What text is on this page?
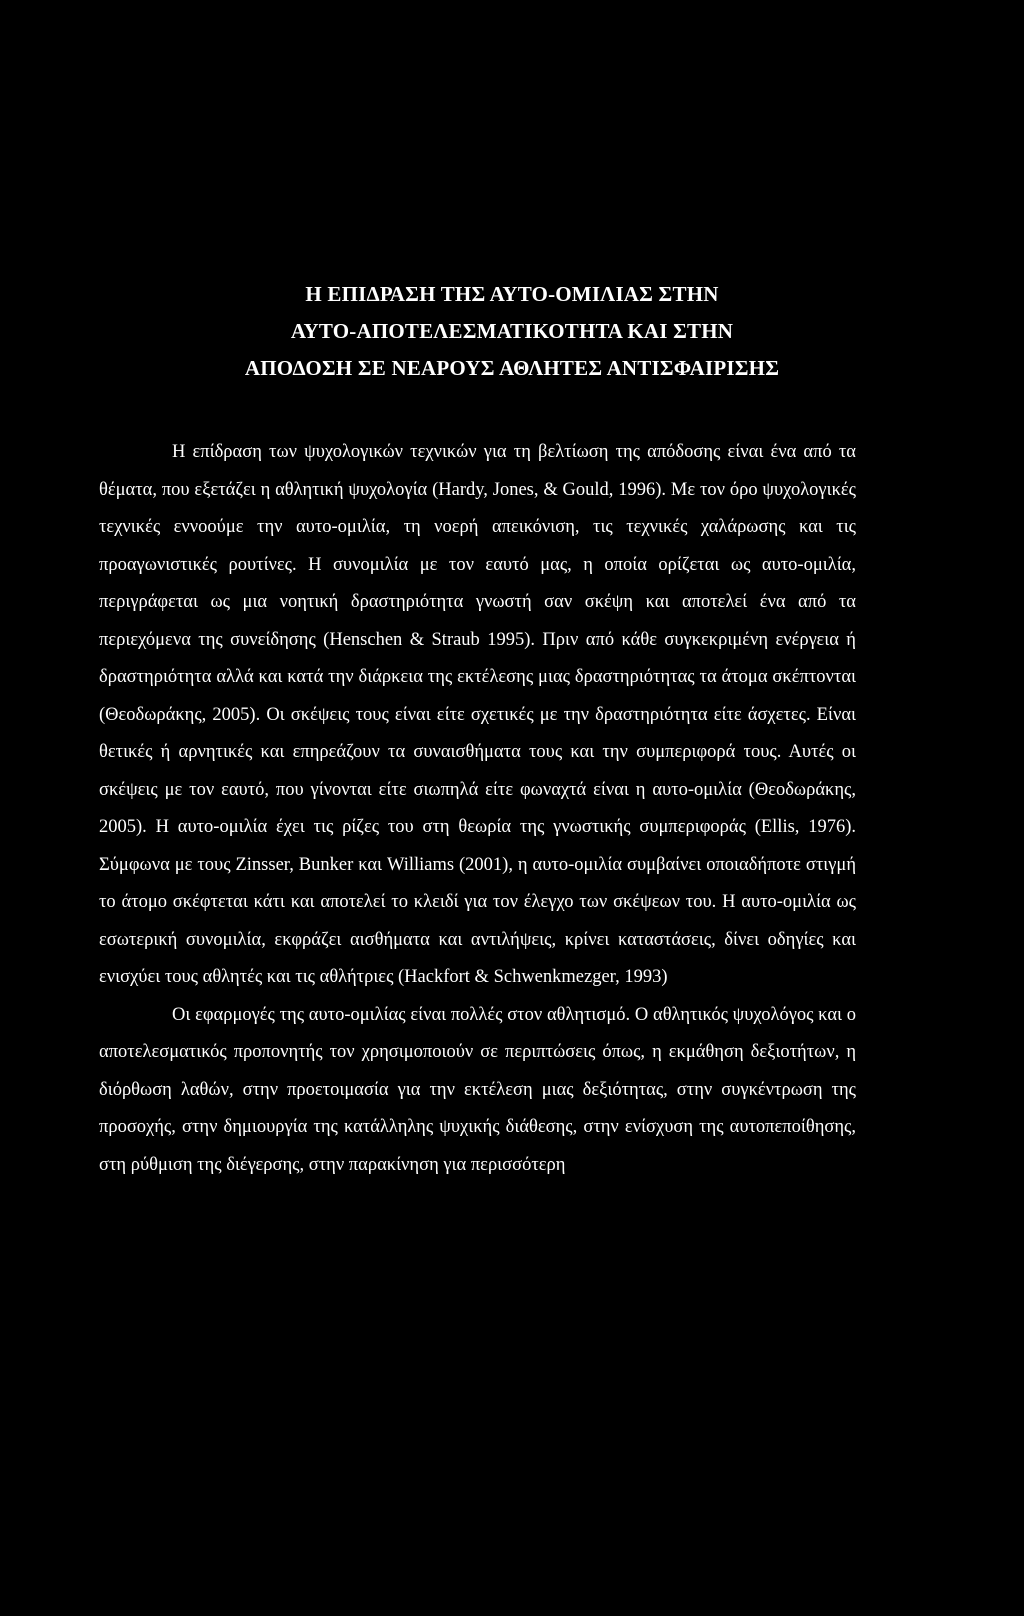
Η ΕΠΙΔΡΑΣΗ ΤΗΣ ΑΥΤΟ-ΟΜΙΛΙΑΣ ΣΤΗΝ
ΑΥΤΟ-ΑΠΟΤΕΛΕΣΜΑΤΙΚΟΤΗΤΑ ΚΑΙ ΣΤΗΝ
ΑΠΟΔΟΣΗ ΣΕ ΝΕΑΡΟΥΣ ΑΘΛΗΤΕΣ ΑΝΤΙΣΦΑΙΡΙΣΗΣ

Η επίδραση των ψυχολογικών τεχνικών για τη βελτίωση της απόδοσης είναι ένα από τα θέματα, που εξετάζει η αθλητική ψυχολογία (Hardy, Jones, & Gould, 1996). Με τον όρο ψυχολογικές τεχνικές εννοούμε την αυτο-ομιλία, τη νοερή απεικόνιση, τις τεχνικές χαλάρωσης και τις προαγωνιστικές ρουτίνες. Η συνομιλία με τον εαυτό μας, η οποία ορίζεται ως αυτο-ομιλία, περιγράφεται ως μια νοητική δραστηριότητα γνωστή σαν σκέψη και αποτελεί ένα από τα περιεχόμενα της συνείδησης (Henschen & Straub 1995). Πριν από κάθε συγκεκριμένη ενέργεια ή δραστηριότητα αλλά και κατά την διάρκεια της εκτέλεσης μιας δραστηριότητας τα άτομα σκέπτονται (Θεοδωράκης, 2005). Οι σκέψεις τους είναι είτε σχετικές με την δραστηριότητα είτε άσχετες. Είναι θετικές ή αρνητικές και επηρεάζουν τα συναισθήματα τους και την συμπεριφορά τους. Αυτές οι σκέψεις με τον εαυτό, που γίνονται είτε σιωπηλά είτε φωναχτά είναι η αυτο-ομιλία (Θεοδωράκης, 2005). Η αυτο-ομιλία έχει τις ρίζες του στη θεωρία της γνωστικής συμπεριφοράς (Ellis, 1976). Σύμφωνα με τους Zinsser, Bunker και Williams (2001), η αυτο-ομιλία συμβαίνει οποιαδήποτε στιγμή το άτομο σκέφτεται κάτι και αποτελεί το κλειδί για τον έλεγχο των σκέψεων του. Η αυτο-ομιλία ως εσωτερική συνομιλία, εκφράζει αισθήματα και αντιλήψεις, κρίνει καταστάσεις, δίνει οδηγίες και ενισχύει τους αθλητές και τις αθλήτριες (Hackfort & Schwenkmezger, 1993)

Οι εφαρμογές της αυτο-ομιλίας είναι πολλές στον αθλητισμό. Ο αθλητικός ψυχολόγος και ο αποτελεσματικός προπονητής τον χρησιμοποιούν σε περιπτώσεις όπως, η εκμάθηση δεξιοτήτων, η διόρθωση λαθών, στην προετοιμασία για την εκτέλεση μιας δεξιότητας, στην συγκέντρωση της προσοχής, στην δημιουργία της κατάλληλης ψυχικής διάθεσης, στην ενίσχυση της αυτοπεποίθησης, στη ρύθμιση της διέγερσης, στην παρακίνηση για περισσότερη
